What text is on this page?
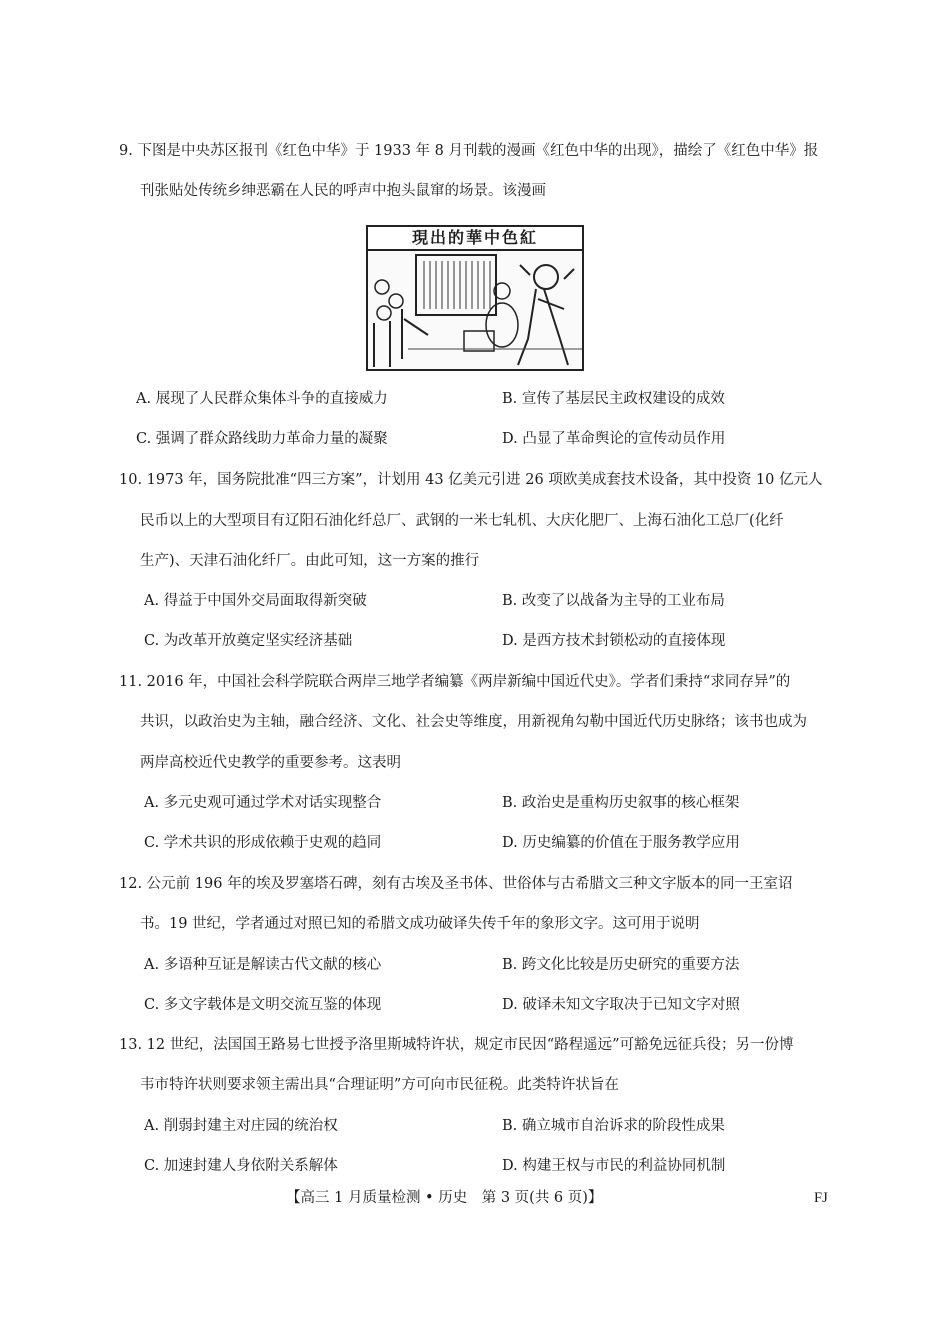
9. 下图是中央苏区报刊《红色中华》于 1933 年 8 月刊载的漫画《红色中华的出现》，描绘了《红色中华》报
刊张贴处传统乡绅恶霸在人民的呼声中抱头鼠窜的场景。该漫画
現出的華中色紅
A. 展现了人民群众集体斗争的直接威力	B. 宣传了基层民主政权建设的成效
C. 强调了群众路线助力革命力量的凝聚	D. 凸显了革命舆论的宣传动员作用
10. 1973 年，国务院批准“四三方案”，计划用 43 亿美元引进 26 项欧美成套技术设备，其中投资 10 亿元人
民币以上的大型项目有辽阳石油化纤总厂、武钢的一米七轧机、大庆化肥厂、上海石油化工总厂(化纤
生产)、天津石油化纤厂。由此可知，这一方案的推行
A. 得益于中国外交局面取得新突破	B. 改变了以战备为主导的工业布局
C. 为改革开放奠定坚实经济基础	D. 是西方技术封锁松动的直接体现
11. 2016 年，中国社会科学院联合两岸三地学者编纂《两岸新编中国近代史》。学者们秉持“求同存异”的
共识，以政治史为主轴，融合经济、文化、社会史等维度，用新视角勾勒中国近代历史脉络；该书也成为
两岸高校近代史教学的重要参考。这表明
A. 多元史观可通过学术对话实现整合	B. 政治史是重构历史叙事的核心框架
C. 学术共识的形成依赖于史观的趋同	D. 历史编纂的价值在于服务教学应用
12. 公元前 196 年的埃及罗塞塔石碑，刻有古埃及圣书体、世俗体与古希腊文三种文字版本的同一王室诏
书。19 世纪，学者通过对照已知的希腊文成功破译失传千年的象形文字。这可用于说明
A. 多语种互证是解读古代文献的核心	B. 跨文化比较是历史研究的重要方法
C. 多文字载体是文明交流互鉴的体现	D. 破译未知文字取决于已知文字对照
13. 12 世纪，法国国王路易七世授予洛里斯城特许状，规定市民因“路程遥远”可豁免远征兵役；另一份博
韦市特许状则要求领主需出具“合理证明”方可向市民征税。此类特许状旨在
A. 削弱封建主对庄园的统治权	B. 确立城市自治诉求的阶段性成果
C. 加速封建人身依附关系解体	D. 构建王权与市民的利益协同机制
【高三 1 月质量检测 • 历史　第 3 页(共 6 页)】	FJ
